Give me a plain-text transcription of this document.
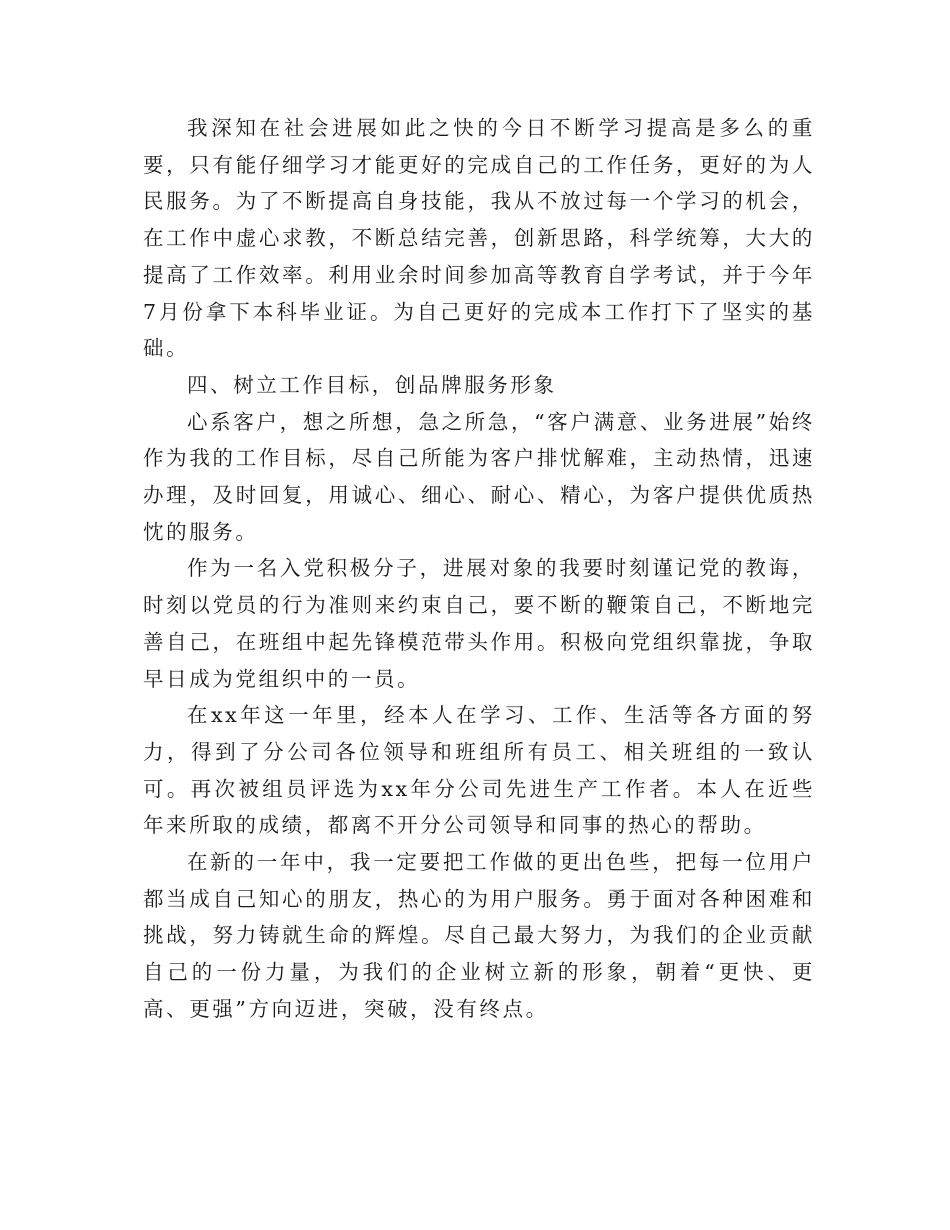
我深知在社会进展如此之快的今日不断学习提高是多么的重要，只有能仔细学习才能更好的完成自己的工作任务，更好的为人民服务。为了不断提高自身技能，我从不放过每一个学习的机会，在工作中虚心求教，不断总结完善，创新思路，科学统筹，大大的提高了工作效率。利用业余时间参加高等教育自学考试，并于今年7月份拿下本科毕业证。为自己更好的完成本工作打下了坚实的基础。

四、树立工作目标，创品牌服务形象

心系客户，想之所想，急之所急，“客户满意、业务进展”始终作为我的工作目标，尽自己所能为客户排忧解难，主动热情，迅速办理，及时回复，用诚心、细心、耐心、精心，为客户提供优质热忱的服务。

作为一名入党积极分子，进展对象的我要时刻谨记党的教诲，时刻以党员的行为准则来约束自己，要不断的鞭策自己，不断地完善自己，在班组中起先锋模范带头作用。积极向党组织靠拢，争取早日成为党组织中的一员。

在xx年这一年里，经本人在学习、工作、生活等各方面的努力，得到了分公司各位领导和班组所有员工、相关班组的一致认可。再次被组员评选为xx年分公司先进生产工作者。本人在近些年来所取的成绩，都离不开分公司领导和同事的热心的帮助。

在新的一年中，我一定要把工作做的更出色些，把每一位用户都当成自己知心的朋友，热心的为用户服务。勇于面对各种困难和挑战，努力铸就生命的辉煌。尽自己最大努力，为我们的企业贡献自己的一份力量，为我们的企业树立新的形象，朝着“更快、更高、更强”方向迈进，突破，没有终点。
